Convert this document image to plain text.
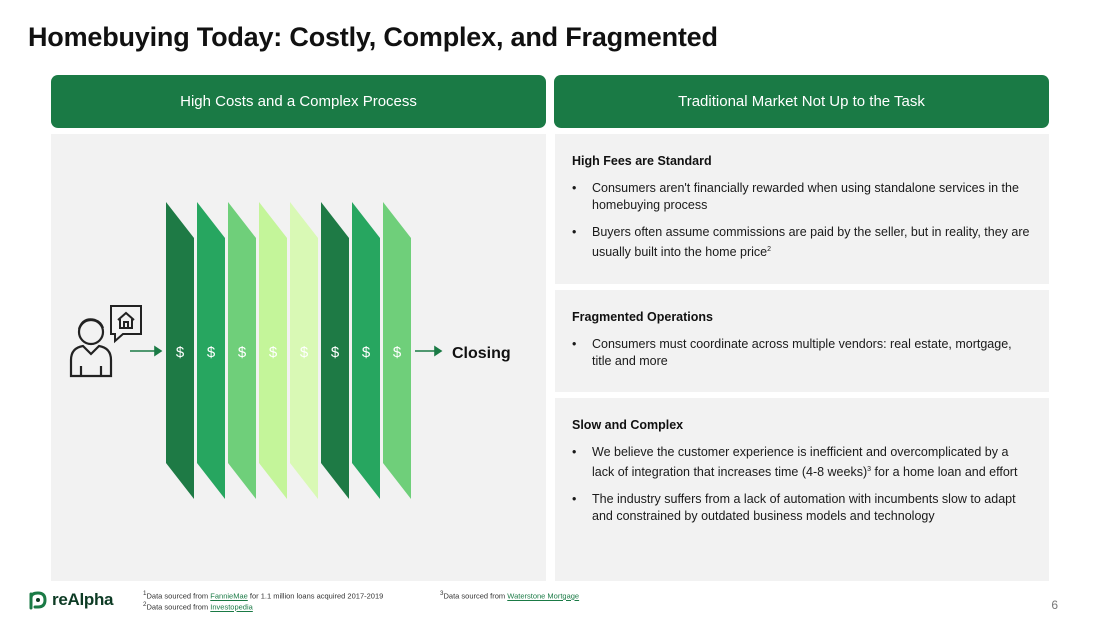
Homebuying Today: Costly, Complex, and Fragmented
High Costs and a Complex Process	Traditional Market Not Up to the Task
$ $ $ $ $ $ $ $	Closing
High Fees are Standard
• Consumers aren't financially rewarded when using standalone services in the homebuying process
• Buyers often assume commissions are paid by the seller, but in reality, they are usually built into the home price$^2$
Fragmented Operations
• Consumers must coordinate across multiple vendors: real estate, mortgage, title and more
Slow and Complex
• We believe the customer experience is inefficient and overcomplicated by a lack of integration that increases time (4-8 weeks)$^3$ for a home loan and effort
• The industry suffers from a lack of automation with incumbents slow to adapt and constrained by outdated business models and technology
reAlpha	$^1$Data sourced from FannieMae for 1.1 million loans acquired 2017-2019
$^2$Data sourced from Investopedia
$^3$Data sourced from Waterstone Mortgage
6
